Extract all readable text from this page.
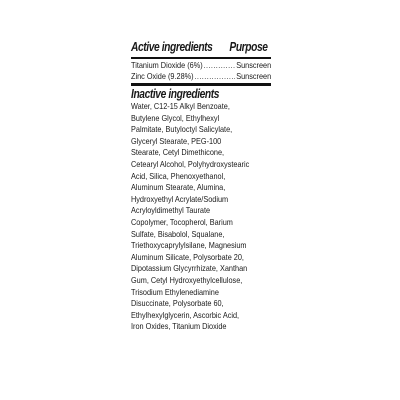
Active ingredients Purpose
Titanium Dioxide (6%) .....	Sunscreen
Zinc Oxide (9.28%) .....	Sunscreen
Inactive ingredients
Water, C12-15 Alkyl Benzoate,
Butylene Glycol, Ethylhexyl
Palmitate, Butyloctyl Salicylate,
Glyceryl Stearate, PEG-100
Stearate, Cetyl Dimethicone,
Cetearyl Alcohol, Polyhydroxystearic
Acid, Silica, Phenoxyethanol,
Aluminum Stearate, Alumina,
Hydroxyethyl Acrylate/Sodium
Acryloyldimethyl Taurate
Copolymer, Tocopherol, Barium
Sulfate, Bisabolol, Squalane,
Triethoxycaprylylsilane, Magnesium
Aluminum Silicate, Polysorbate 20,
Dipotassium Glycyrrhizate, Xanthan
Gum, Cetyl Hydroxyethylcellulose,
Trisodium Ethylenediamine
Disuccinate, Polysorbate 60,
Ethylhexylglycerin, Ascorbic Acid,
Iron Oxides, Titanium Dioxide
